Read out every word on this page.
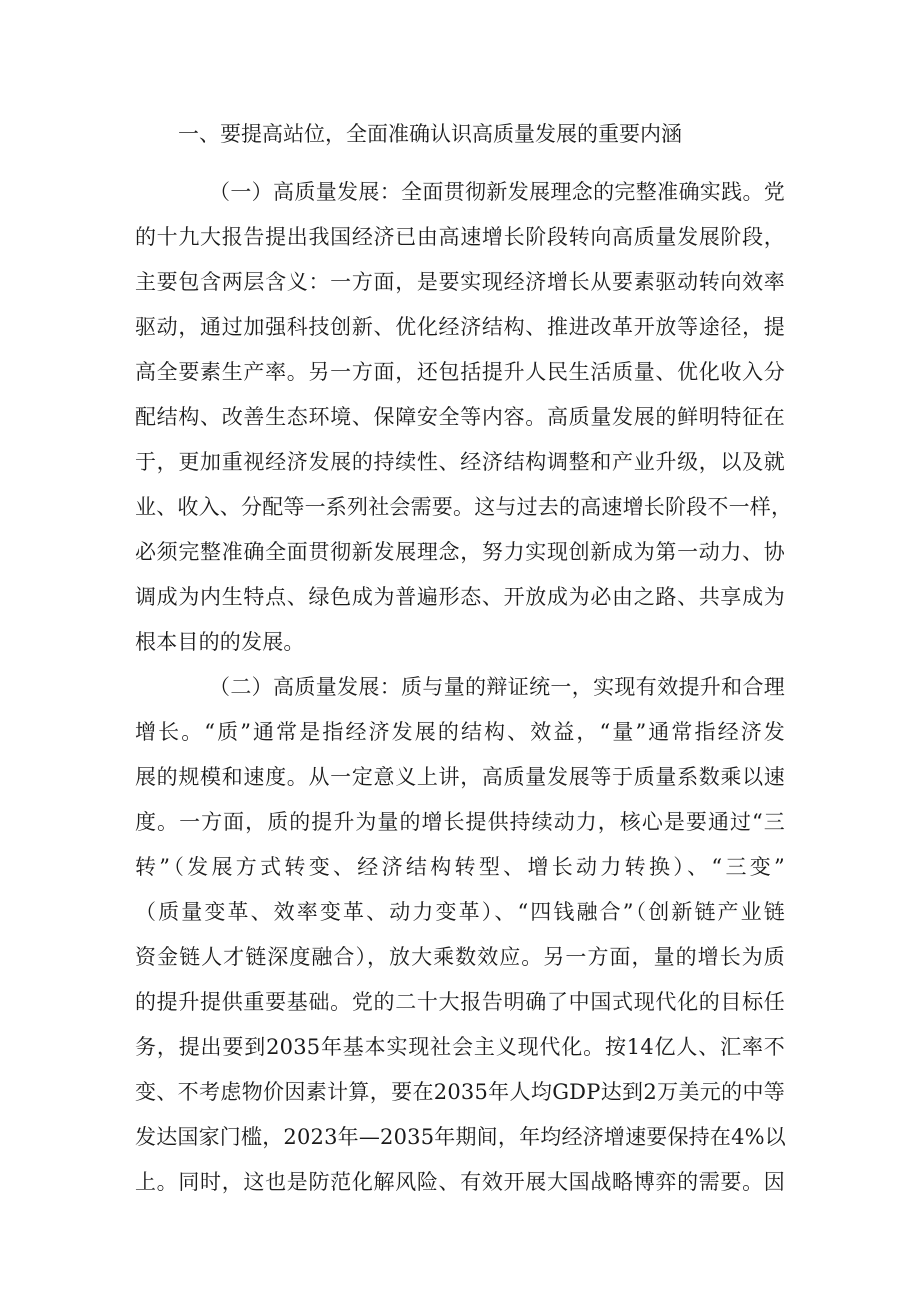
一、要提高站位，全面准确认识高质量发展的重要内涵
（一）高质量发展：全面贯彻新发展理念的完整准确实践。党
的十九大报告提出我国经济已由高速增长阶段转向高质量发展阶段，
主要包含两层含义：一方面，是要实现经济增长从要素驱动转向效率
驱动，通过加强科技创新、优化经济结构、推进改革开放等途径，提
高全要素生产率。另一方面，还包括提升人民生活质量、优化收入分
配结构、改善生态环境、保障安全等内容。高质量发展的鲜明特征在
于，更加重视经济发展的持续性、经济结构调整和产业升级，以及就
业、收入、分配等一系列社会需要。这与过去的高速增长阶段不一样，
必须完整准确全面贯彻新发展理念，努力实现创新成为第一动力、协
调成为内生特点、绿色成为普遍形态、开放成为必由之路、共享成为
根本目的的发展。
（二）高质量发展：质与量的辩证统一，实现有效提升和合理
增长。“质”通常是指经济发展的结构、效益，“量”通常指经济发
展的规模和速度。从一定意义上讲，高质量发展等于质量系数乘以速
度。一方面，质的提升为量的增长提供持续动力，核心是要通过“三
转”（发展方式转变、经济结构转型、增长动力转换）、“三变”
（质量变革、效率变革、动力变革）、“四钱融合”（创新链产业链
资金链人才链深度融合），放大乘数效应。另一方面，量的增长为质
的提升提供重要基础。党的二十大报告明确了中国式现代化的目标任
务，提出要到2035年基本实现社会主义现代化。按14亿人、汇率不
变、不考虑物价因素计算，要在2035年人均GDP达到2万美元的中等
发达国家门槛，2023年—2035年期间，年均经济增速要保持在4%以
上。同时，这也是防范化解风险、有效开展大国战略博弈的需要。因
